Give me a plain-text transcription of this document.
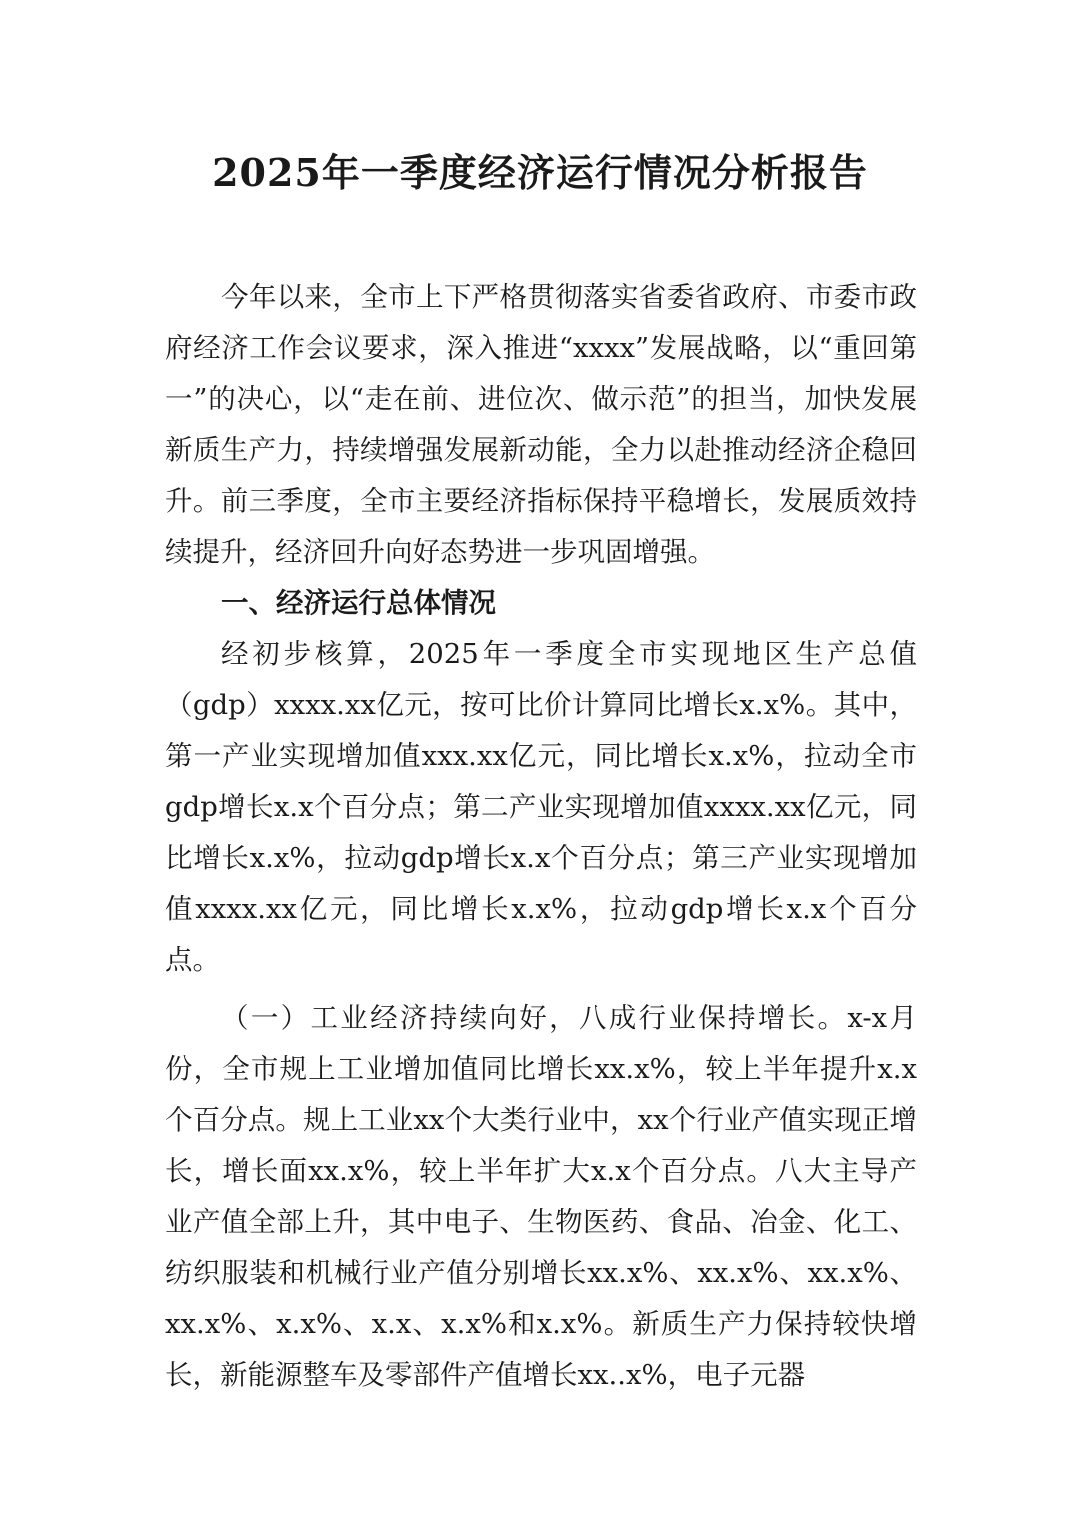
2025年一季度经济运行情况分析报告

今年以来，全市上下严格贯彻落实省委省政府、市委市政府经济工作会议要求，深入推进“xxxx”发展战略，以“重回第一”的决心，以“走在前、进位次、做示范”的担当，加快发展新质生产力，持续增强发展新动能，全力以赴推动经济企稳回升。前三季度，全市主要经济指标保持平稳增长，发展质效持续提升，经济回升向好态势进一步巩固增强。

一、经济运行总体情况

经初步核算，2025年一季度全市实现地区生产总值（gdp）xxxx.xx亿元，按可比价计算同比增长x.x%。其中，第一产业实现增加值xxx.xx亿元，同比增长x.x%，拉动全市gdp增长x.x个百分点；第二产业实现增加值xxxx.xx亿元，同比增长x.x%，拉动gdp增长x.x个百分点；第三产业实现增加值xxxx.xx亿元，同比增长x.x%，拉动gdp增长x.x个百分点。

（一）工业经济持续向好，八成行业保持增长。x-x月份，全市规上工业增加值同比增长xx.x%，较上半年提升x.x个百分点。规上工业xx个大类行业中，xx个行业产值实现正增长，增长面xx.x%，较上半年扩大x.x个百分点。八大主导产业产值全部上升，其中电子、生物医药、食品、冶金、化工、纺织服装和机械行业产值分别增长xx.x%、xx.x%、xx.x%、xx.x%、x.x%、x.x、x.x%和x.x%。新质生产力保持较快增长，新能源整车及零部件产值增长xx..x%，电子元器
